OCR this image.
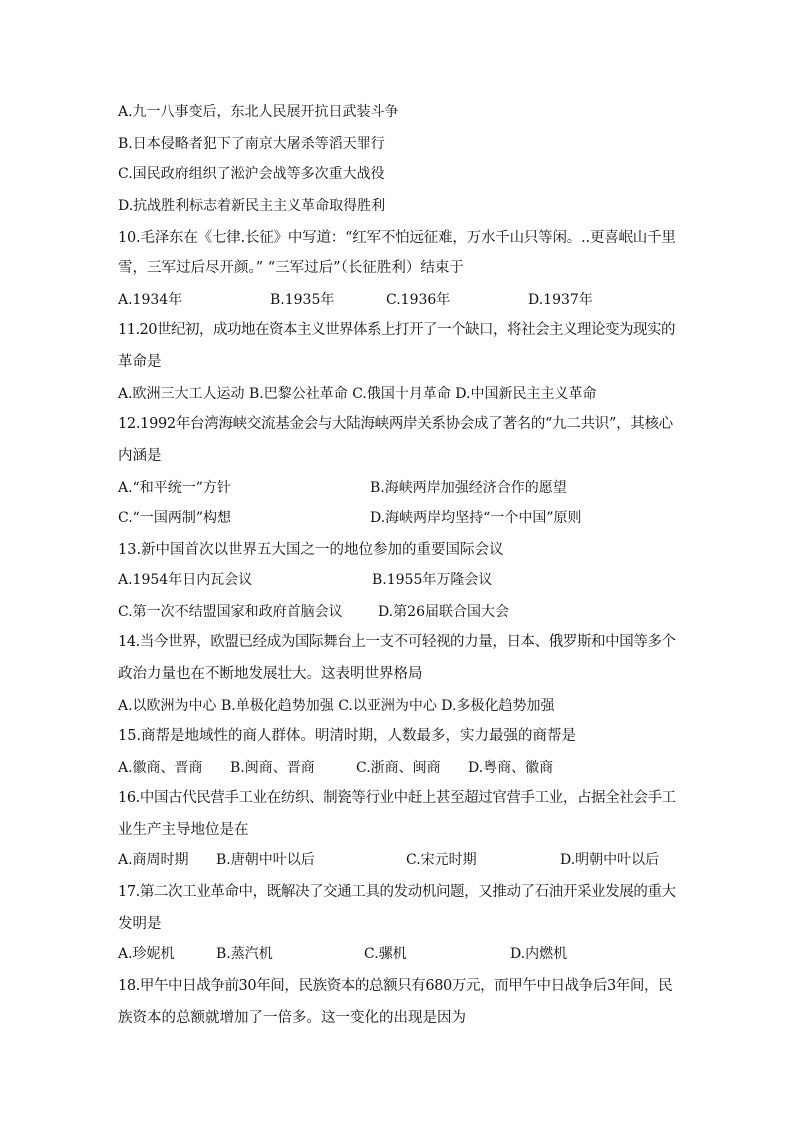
A.九一八事变后，东北人民展开抗日武装斗争
B.日本侵略者犯下了南京大屠杀等滔天罪行
C.国民政府组织了淞沪会战等多次重大战役
D.抗战胜利标志着新民主主义革命取得胜利
10.毛泽东在《七律.长征》中写道：“红军不怕远征难，万水千山只等闲。..更喜岷山千里
雪，三军过后尽开颜。” “三军过后”（长征胜利）结束于
A.1934年	B.1935年	C.1936年	D.1937年
11.20世纪初，成功地在资本主义世界体系上打开了一个缺口，将社会主义理论变为现实的
革命是
A.欧洲三大工人运动 B.巴黎公社革命 C.俄国十月革命 D.中国新民主主义革命
12.1992年台湾海峡交流基金会与大陆海峡两岸关系协会成了著名的“九二共识”，其核心
内涵是
A.“和平统一”方针	B.海峡两岸加强经济合作的愿望
C.“一国两制”构想	D.海峡两岸均坚持“一个中国”原则
13.新中国首次以世界五大国之一的地位参加的重要国际会议
A.1954年日内瓦会议	B.1955年万隆会议
C.第一次不结盟国家和政府首脑会议	D.第26届联合国大会
14.当今世界，欧盟已经成为国际舞台上一支不可轻视的力量，日本、俄罗斯和中国等多个
政治力量也在不断地发展壮大。这表明世界格局
A.以欧洲为中心 B.单极化趋势加强 C.以亚洲为中心 D.多极化趋势加强
15.商帮是地域性的商人群体。明清时期，人数最多，实力最强的商帮是
A.徽商、晋商 B.闽商、晋商	C.浙商、闽商 D.粤商、徽商
16.中国古代民营手工业在纺织、制瓷等行业中赶上甚至超过官营手工业，占据全社会手工
业生产主导地位是在
A.商周时期 B.唐朝中叶以后	C.宋元时期	D.明朝中叶以后
17.第二次工业革命中，既解决了交通工具的发动机问题，又推动了石油开采业发展的重大
发明是
A.珍妮机	B.蒸汽机	C.骡机	D.内燃机
18.甲午中日战争前30年间，民族资本的总额只有680万元，而甲午中日战争后3年间，民
族资本的总额就增加了一倍多。这一变化的出现是因为
